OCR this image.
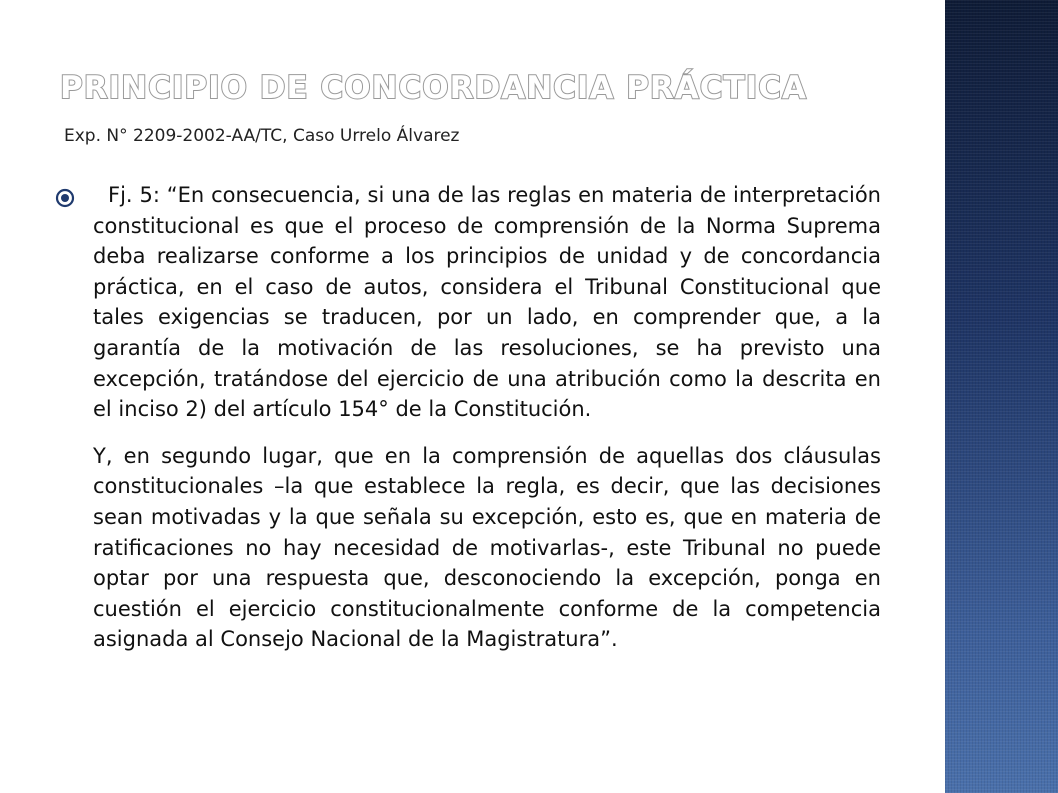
PRINCIPIO DE CONCORDANCIA PRÁCTICA
Exp. N° 2209-2002-AA/TC, Caso Urrelo Álvarez

Fj. 5: “En consecuencia, si una de las reglas en materia de interpretación constitucional es que el proceso de comprensión de la Norma Suprema deba realizarse conforme a los principios de unidad y de concordancia práctica, en el caso de autos, considera el Tribunal Constitucional que tales exigencias se traducen, por un lado, en comprender que, a la garantía de la motivación de las resoluciones, se ha previsto una excepción, tratándose del ejercicio de una atribución como la descrita en el inciso 2) del artículo 154° de la Constitución.

Y, en segundo lugar, que en la comprensión de aquellas dos cláusulas constitucionales –la que establece la regla, es decir, que las decisiones sean motivadas y la que señala su excepción, esto es, que en materia de ratificaciones no hay necesidad de motivarlas-, este Tribunal no puede optar por una respuesta que, desconociendo la excepción, ponga en cuestión el ejercicio constitucionalmente conforme de la competencia asignada al Consejo Nacional de la Magistratura”.
